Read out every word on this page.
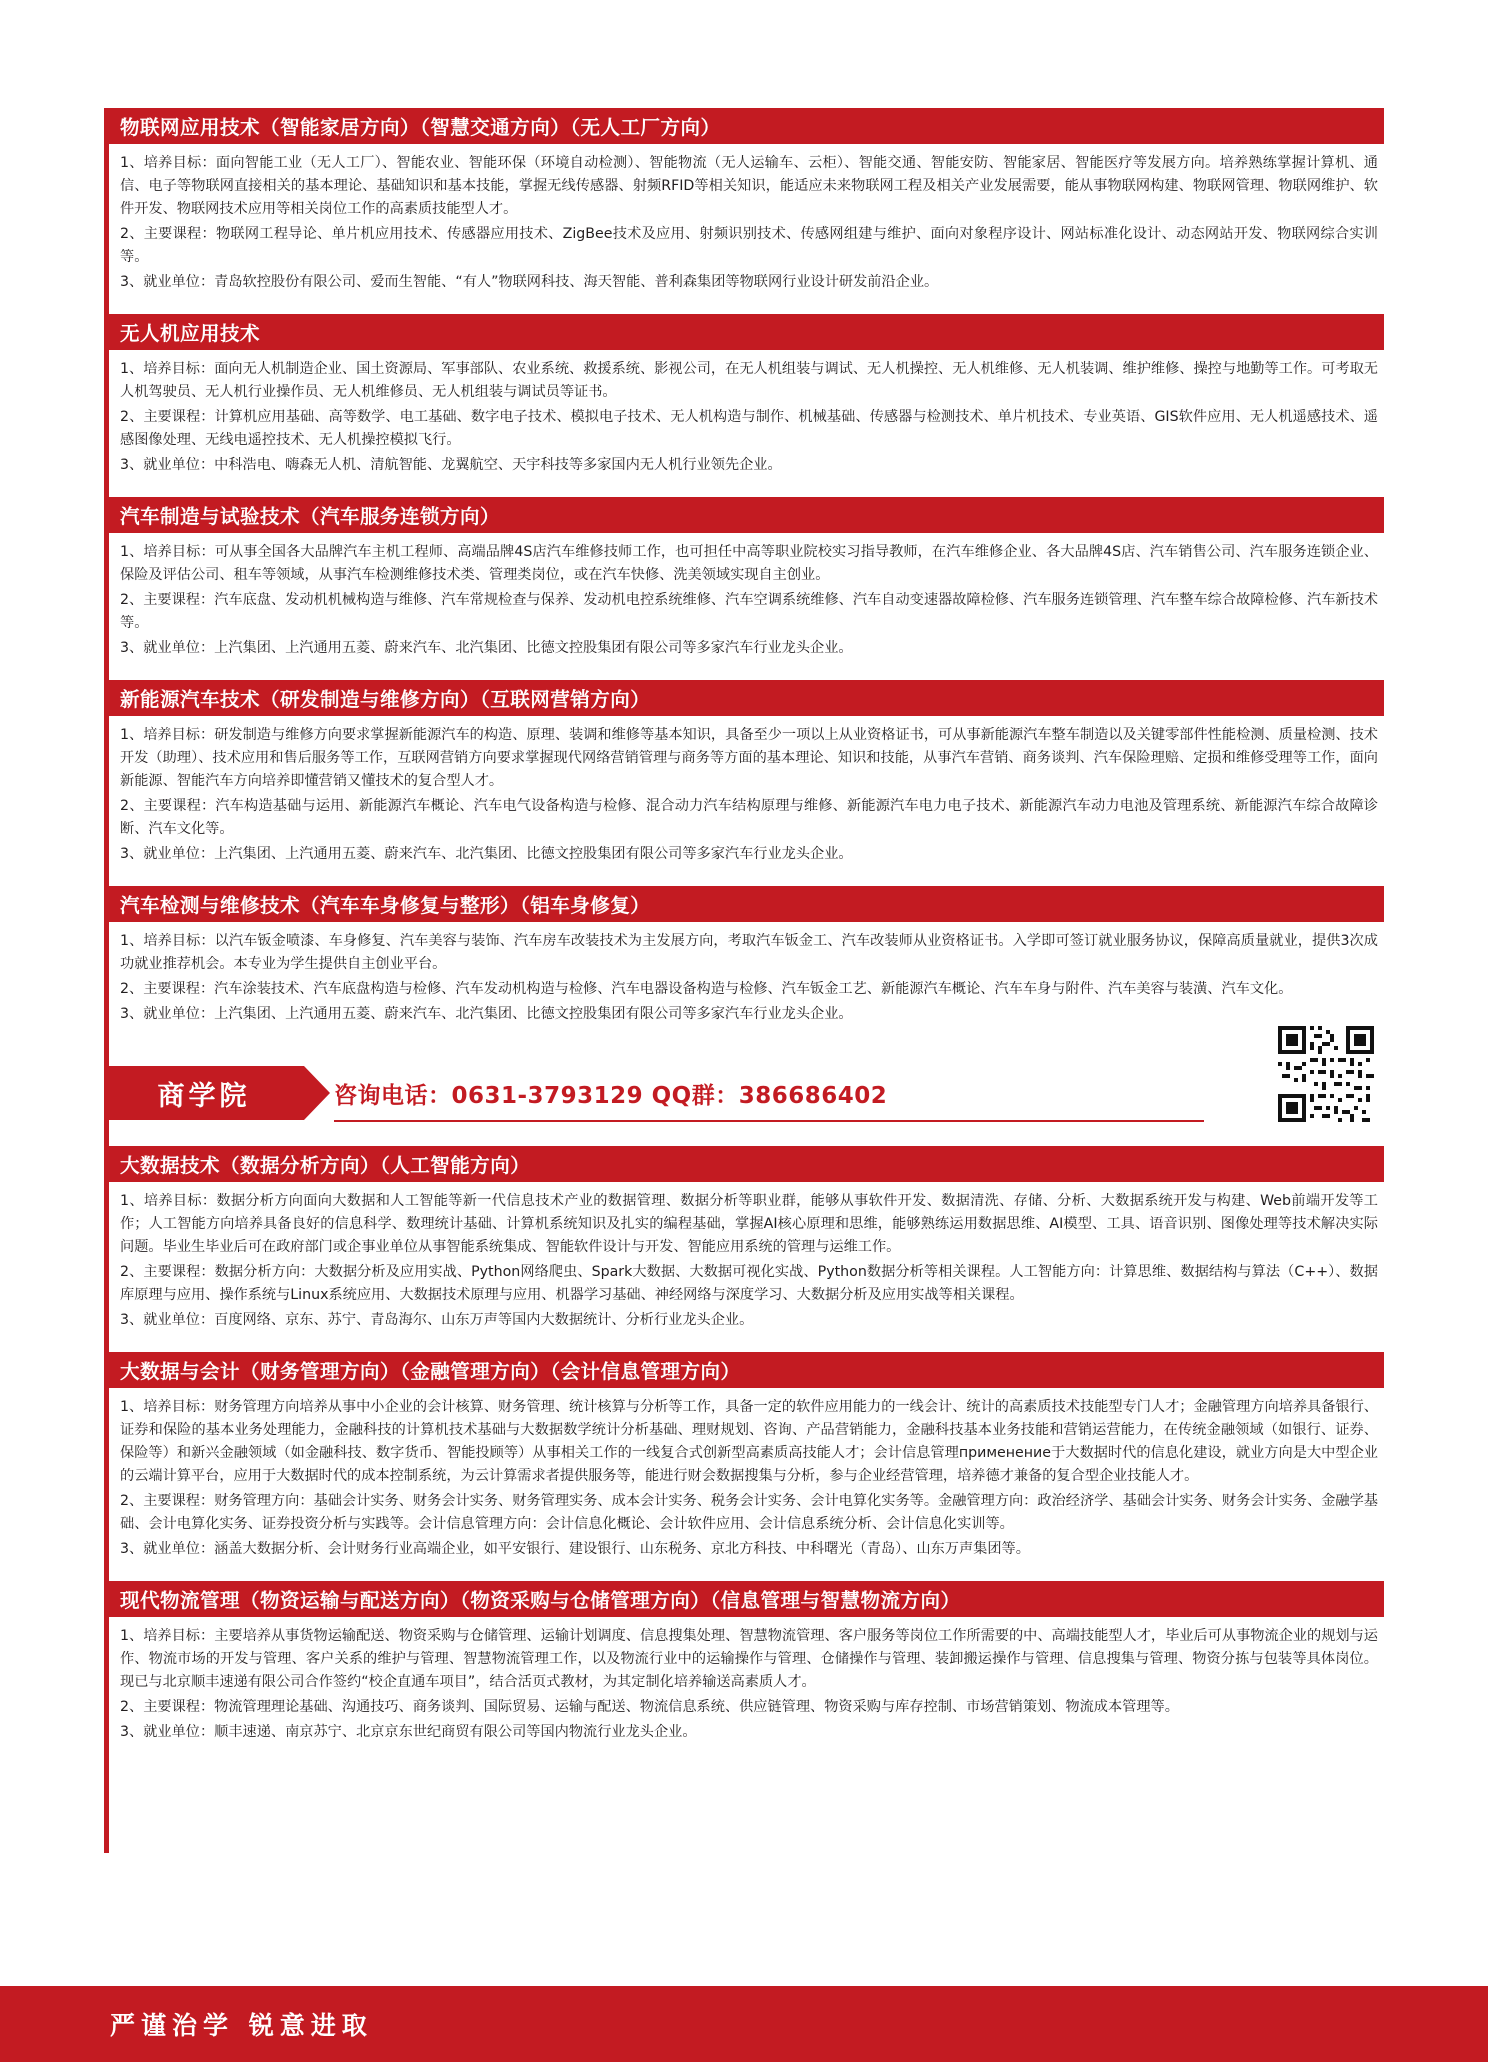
物联网应用技术（智能家居方向）（智慧交通方向）（无人工厂方向）

1、培养目标：面向智能工业（无人工厂）、智能农业、智能环保（环境自动检测）、智能物流（无人运输车、云柜）、智能交通、智能安防、智能家居、智能医疗等发展方向。培养熟练掌握计算机、通信、电子等物联网直接相关的基本理论、基础知识和基本技能，掌握无线传感器、射频RFID等相关知识，能适应未来物联网工程及相关产业发展需要，能从事物联网构建、物联网管理、物联网维护、软件开发、物联网技术应用等相关岗位工作的高素质技能型人才。

2、主要课程：物联网工程导论、单片机应用技术、传感器应用技术、ZigBee技术及应用、射频识别技术、传感网组建与维护、面向对象程序设计、网站标准化设计、动态网站开发、物联网综合实训等。

3、就业单位：青岛软控股份有限公司、爱而生智能、“有人”物联网科技、海天智能、普利森集团等物联网行业设计研发前沿企业。

无人机应用技术

1、培养目标：面向无人机制造企业、国土资源局、军事部队、农业系统、救援系统、影视公司，在无人机组装与调试、无人机操控、无人机维修、无人机装调、维护维修、操控与地勤等工作。可考取无人机驾驶员、无人机行业操作员、无人机维修员、无人机组装与调试员等证书。

2、主要课程：计算机应用基础、高等数学、电工基础、数字电子技术、模拟电子技术、无人机构造与制作、机械基础、传感器与检测技术、单片机技术、专业英语、GIS软件应用、无人机遥感技术、遥感图像处理、无线电遥控技术、无人机操控模拟飞行。

3、就业单位：中科浩电、嗨森无人机、清航智能、龙翼航空、天宇科技等多家国内无人机行业领先企业。

汽车制造与试验技术（汽车服务连锁方向）

1、培养目标：可从事全国各大品牌汽车主机工程师、高端品牌4S店汽车维修技师工作，也可担任中高等职业院校实习指导教师，在汽车维修企业、各大品牌4S店、汽车销售公司、汽车服务连锁企业、保险及评估公司、租车等领域，从事汽车检测维修技术类、管理类岗位，或在汽车快修、洗美领域实现自主创业。

2、主要课程：汽车底盘、发动机机械构造与维修、汽车常规检查与保养、发动机电控系统维修、汽车空调系统维修、汽车自动变速器故障检修、汽车服务连锁管理、汽车整车综合故障检修、汽车新技术等。

3、就业单位：上汽集团、上汽通用五菱、蔚来汽车、北汽集团、比德文控股集团有限公司等多家汽车行业龙头企业。

新能源汽车技术（研发制造与维修方向）（互联网营销方向）

1、培养目标：研发制造与维修方向要求掌握新能源汽车的构造、原理、装调和维修等基本知识，具备至少一项以上从业资格证书，可从事新能源汽车整车制造以及关键零部件性能检测、质量检测、技术开发（助理）、技术应用和售后服务等工作，互联网营销方向要求掌握现代网络营销管理与商务等方面的基本理论、知识和技能，从事汽车营销、商务谈判、汽车保险理赔、定损和维修受理等工作，面向新能源、智能汽车方向培养即懂营销又懂技术的复合型人才。

2、主要课程：汽车构造基础与运用、新能源汽车概论、汽车电气设备构造与检修、混合动力汽车结构原理与维修、新能源汽车电力电子技术、新能源汽车动力电池及管理系统、新能源汽车综合故障诊断、汽车文化等。

3、就业单位：上汽集团、上汽通用五菱、蔚来汽车、北汽集团、比德文控股集团有限公司等多家汽车行业龙头企业。

汽车检测与维修技术（汽车车身修复与整形）（铝车身修复）

1、培养目标：以汽车钣金喷漆、车身修复、汽车美容与装饰、汽车房车改装技术为主发展方向，考取汽车钣金工、汽车改装师从业资格证书。入学即可签订就业服务协议，保障高质量就业，提供3次成功就业推荐机会。本专业为学生提供自主创业平台。

2、主要课程：汽车涂装技术、汽车底盘构造与检修、汽车发动机构造与检修、汽车电器设备构造与检修、汽车钣金工艺、新能源汽车概论、汽车车身与附件、汽车美容与装潢、汽车文化。

3、就业单位：上汽集团、上汽通用五菱、蔚来汽车、北汽集团、比德文控股集团有限公司等多家汽车行业龙头企业。

商学院	咨询电话：0631-3793129 QQ群：386686402
大数据技术（数据分析方向）（人工智能方向）

1、培养目标：数据分析方向面向大数据和人工智能等新一代信息技术产业的数据管理、数据分析等职业群，能够从事软件开发、数据清洗、存储、分析、大数据系统开发与构建、Web前端开发等工作；人工智能方向培养具备良好的信息科学、数理统计基础、计算机系统知识及扎实的编程基础，掌握AI核心原理和思维，能够熟练运用数据思维、AI模型、工具、语音识别、图像处理等技术解决实际问题。毕业生毕业后可在政府部门或企事业单位从事智能系统集成、智能软件设计与开发、智能应用系统的管理与运维工作。

2、主要课程：数据分析方向：大数据分析及应用实战、Python网络爬虫、Spark大数据、大数据可视化实战、Python数据分析等相关课程。人工智能方向：计算思维、数据结构与算法（C++）、数据库原理与应用、操作系统与Linux系统应用、大数据技术原理与应用、机器学习基础、神经网络与深度学习、大数据分析及应用实战等相关课程。

3、就业单位：百度网络、京东、苏宁、青岛海尔、山东万声等国内大数据统计、分析行业龙头企业。

大数据与会计（财务管理方向）（金融管理方向）（会计信息管理方向）

1、培养目标：财务管理方向培养从事中小企业的会计核算、财务管理、统计核算与分析等工作，具备一定的软件应用能力的一线会计、统计的高素质技术技能型专门人才；金融管理方向培养具备银行、证券和保险的基本业务处理能力，金融科技的计算机技术基础与大数据数学统计分析基础、理财规划、咨询、产品营销能力，金融科技基本业务技能和营销运营能力，在传统金融领域（如银行、证券、保险等）和新兴金融领域（如金融科技、数字货币、智能投顾等）从事相关工作的一线复合式创新型高素质高技能人才；会计信息管理применение于大数据时代的信息化建设，就业方向是大中型企业的云端计算平台，应用于大数据时代的成本控制系统，为云计算需求者提供服务等，能进行财会数据搜集与分析，参与企业经营管理，培养德才兼备的复合型企业技能人才。

2、主要课程：财务管理方向：基础会计实务、财务会计实务、财务管理实务、成本会计实务、税务会计实务、会计电算化实务等。金融管理方向：政治经济学、基础会计实务、财务会计实务、金融学基础、会计电算化实务、证券投资分析与实践等。会计信息管理方向：会计信息化概论、会计软件应用、会计信息系统分析、会计信息化实训等。

3、就业单位：涵盖大数据分析、会计财务行业高端企业，如平安银行、建设银行、山东税务、京北方科技、中科曙光（青岛）、山东万声集团等。

现代物流管理（物资运输与配送方向）（物资采购与仓储管理方向）（信息管理与智慧物流方向）

1、培养目标：主要培养从事货物运输配送、物资采购与仓储管理、运输计划调度、信息搜集处理、智慧物流管理、客户服务等岗位工作所需要的中、高端技能型人才，毕业后可从事物流企业的规划与运作、物流市场的开发与管理、客户关系的维护与管理、智慧物流管理工作，以及物流行业中的运输操作与管理、仓储操作与管理、装卸搬运操作与管理、信息搜集与管理、物资分拣与包装等具体岗位。现已与北京顺丰速递有限公司合作签约“校企直通车项目”，结合活页式教材，为其定制化培养输送高素质人才。

2、主要课程：物流管理理论基础、沟通技巧、商务谈判、国际贸易、运输与配送、物流信息系统、供应链管理、物资采购与库存控制、市场营销策划、物流成本管理等。

3、就业单位：顺丰速递、南京苏宁、北京京东世纪商贸有限公司等国内物流行业龙头企业。

严谨治学 锐意进取
